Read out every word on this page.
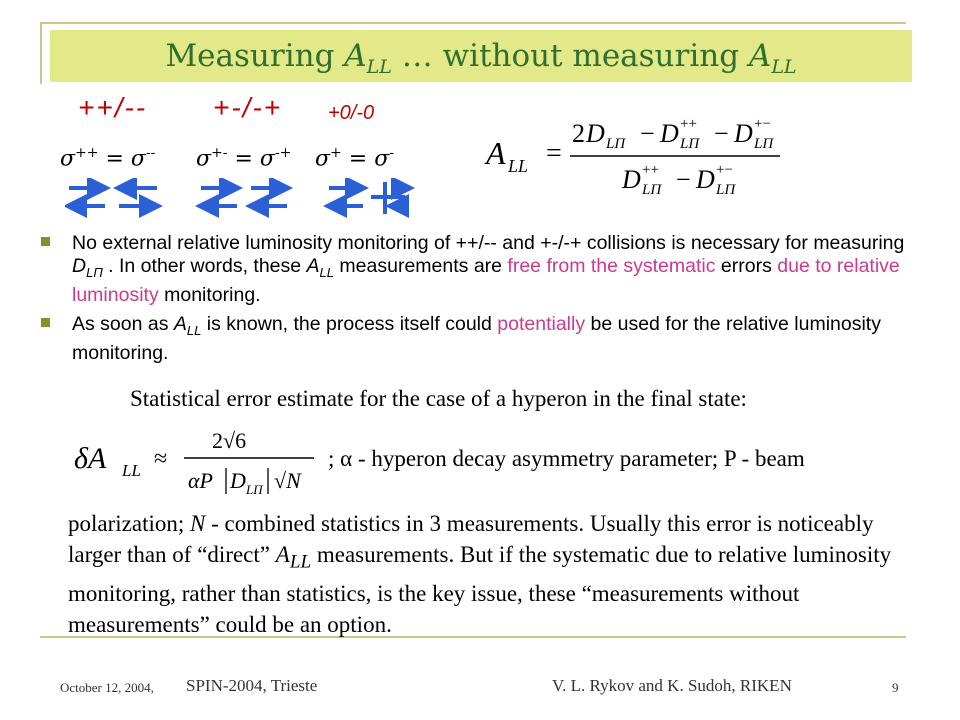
Measuring $A_{LL}$ … without measuring $A_{LL}$
++/-- +-/-+ +0/-0
σ++ = σ-- σ+- = σ-+ σ+ = σ-	A LL =
2 D LΠ − D LΠ
++ − D LΠ
+−
D LΠ
++ − D LΠ
+−
No external relative luminosity monitoring of ++/-- and +-/-+ collisions is necessary for measuring $D_{L\Pi}$ . In other words, these $A_{LL}$ measurements are free from the systematic errors due to relative luminosity monitoring.
As soon as $A_{LL}$ is known, the process itself could potentially be used for the relative luminosity monitoring.
Statistical error estimate for the case of a hyperon in the final state:
δA LL ≈
2√6
αP D LΠ √N
; α - hyperon decay asymmetry parameter; P - beam
polarization; N - combined statistics in 3 measurements. Usually this error is noticeably larger than of “direct” $A_{LL}$ measurements. But if the systematic due to relative luminosity monitoring, rather than statistics, is the key issue, these “measurements without measurements” could be an option.
October 12, 2004, SPIN-2004, Trieste	V. L. Rykov and K. Sudoh, RIKEN	9
